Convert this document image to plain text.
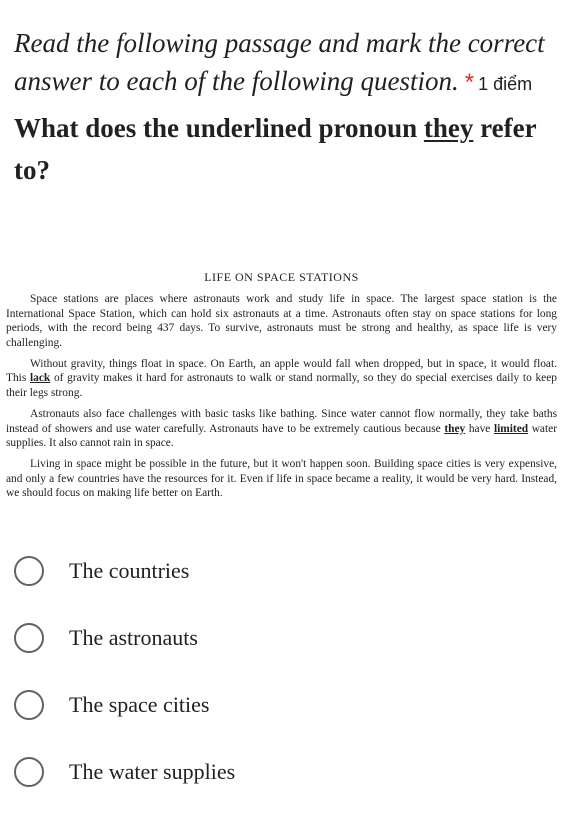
Read the following passage and mark the correct answer to each of the following question. * 1 điểm

What does the underlined pronoun they refer to?

LIFE ON SPACE STATIONS

Space stations are places where astronauts work and study life in space. The largest space station is the International Space Station, which can hold six astronauts at a time. Astronauts often stay on space stations for long periods, with the record being 437 days. To survive, astronauts must be strong and healthy, as space life is very challenging.

Without gravity, things float in space. On Earth, an apple would fall when dropped, but in space, it would float. This lack of gravity makes it hard for astronauts to walk or stand normally, so they do special exercises daily to keep their legs strong.

Astronauts also face challenges with basic tasks like bathing. Since water cannot flow normally, they take baths instead of showers and use water carefully. Astronauts have to be extremely cautious because they have limited water supplies. It also cannot rain in space.

Living in space might be possible in the future, but it won't happen soon. Building space cities is very expensive, and only a few countries have the resources for it. Even if life in space became a reality, it would be very hard. Instead, we should focus on making life better on Earth.

The countries
The astronauts
The space cities
The water supplies
